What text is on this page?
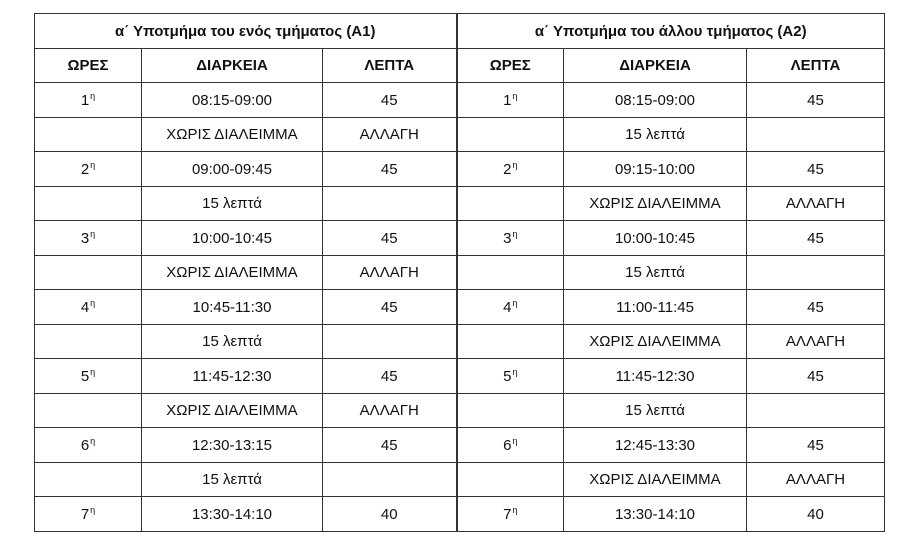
α΄ Υποτμήμα του ενός τμήματος (Α1)			α΄ Υποτμήμα του άλλου τμήματος (Α2)		
ΩΡΕΣ	ΔΙΑΡΚΕΙΑ	ΛΕΠΤΑ	ΩΡΕΣ	ΔΙΑΡΚΕΙΑ	ΛΕΠΤΑ
$1^\eta$	08:15-09:00	45	$1^\eta$	08:15-09:00	45
	ΧΩΡΙΣ ΔΙΑΛΕΙΜΜΑ	ΑΛΛΑΓΗ		15 λεπτά	
$2^\eta$	09:00-09:45	45	$2^\eta$	09:15-10:00	45
	15 λεπτά			ΧΩΡΙΣ ΔΙΑΛΕΙΜΜΑ	ΑΛΛΑΓΗ
$3^\eta$	10:00-10:45	45	$3^\eta$	10:00-10:45	45
	ΧΩΡΙΣ ΔΙΑΛΕΙΜΜΑ	ΑΛΛΑΓΗ		15 λεπτά	
$4^\eta$	10:45-11:30	45	$4^\eta$	11:00-11:45	45
	15 λεπτά			ΧΩΡΙΣ ΔΙΑΛΕΙΜΜΑ	ΑΛΛΑΓΗ
$5^\eta$	11:45-12:30	45	$5^\eta$	11:45-12:30	45
	ΧΩΡΙΣ ΔΙΑΛΕΙΜΜΑ	ΑΛΛΑΓΗ		15 λεπτά	
$6^\eta$	12:30-13:15	45	$6^\eta$	12:45-13:30	45
	15 λεπτά			ΧΩΡΙΣ ΔΙΑΛΕΙΜΜΑ	ΑΛΛΑΓΗ
$7^\eta$	13:30-14:10	40	$7^\eta$	13:30-14:10	40
